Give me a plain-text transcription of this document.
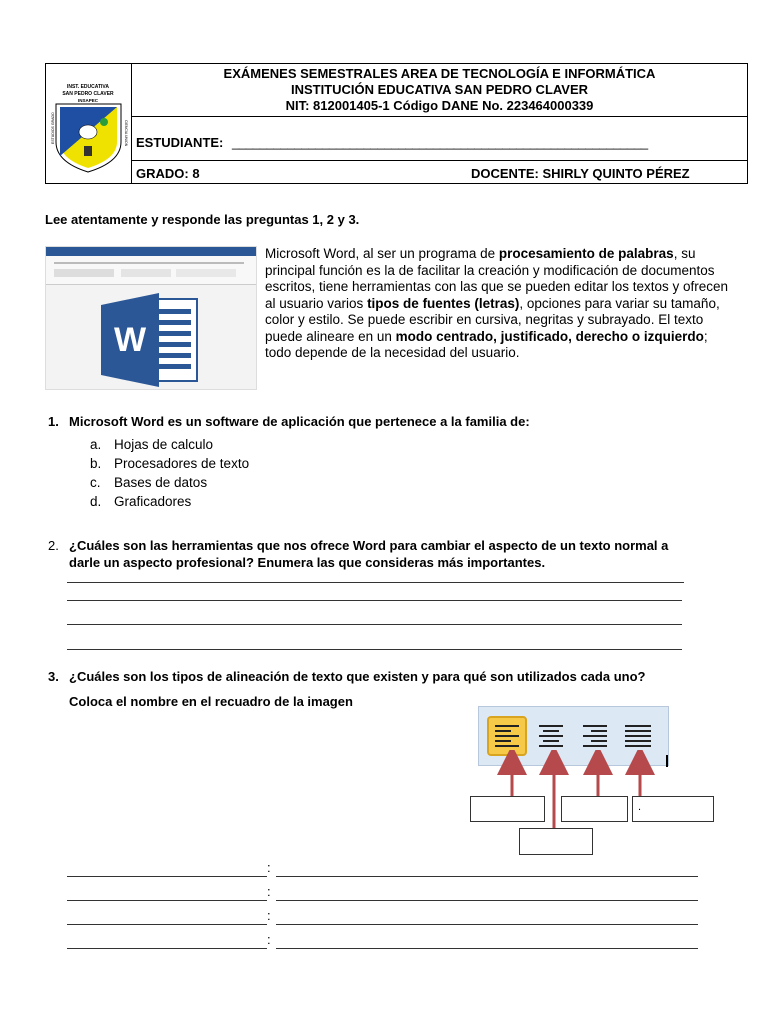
INST. EDUCATIVA
SAN PEDRO CLAVER
INSAPEC
ESTUDIOS GRADO	CIENCIA UNION
EXÁMENES SEMESTRALES AREA DE TECNOLOGÍA E INFORMÁTICA
INSTITUCIÓN EDUCATIVA SAN PEDRO CLAVER
NIT: 812001405-1 Código DANE No. 223464000339
ESTUDIANTE: ____________________________________________________________
GRADO: 8	DOCENTE: SHIRLY QUINTO PÉREZ
Lee atentamente y responde las preguntas 1, 2 y 3.
W
Microsoft Word, al ser un programa de procesamiento de palabras, su principal función es la de facilitar la creación y modificación de documentos escritos, tiene herramientas con las que se pueden editar los textos y ofrecen al usuario varios tipos de fuentes (letras), opciones para variar su tamaño, color y estilo. Se puede escribir en cursiva, negritas y subrayado. El texto puede alineare en un modo centrado, justificado, derecho o izquierdo; todo depende de la necesidad del usuario.
1. Microsoft Word es un software de aplicación que pertenece a la familia de:
a. Hojas de calculo
b. Procesadores de texto
c. Bases de datos
d. Graficadores
2. ¿Cuáles son las herramientas que nos ofrece Word para cambiar el aspecto de un texto normal a
darle un aspecto profesional? Enumera las que consideras más importantes.
3. ¿Cuáles son los tipos de alineación de texto que existen y para qué son utilizados cada uno?
Coloca el nombre en el recuadro de la imagen
.
:
:
:
:
